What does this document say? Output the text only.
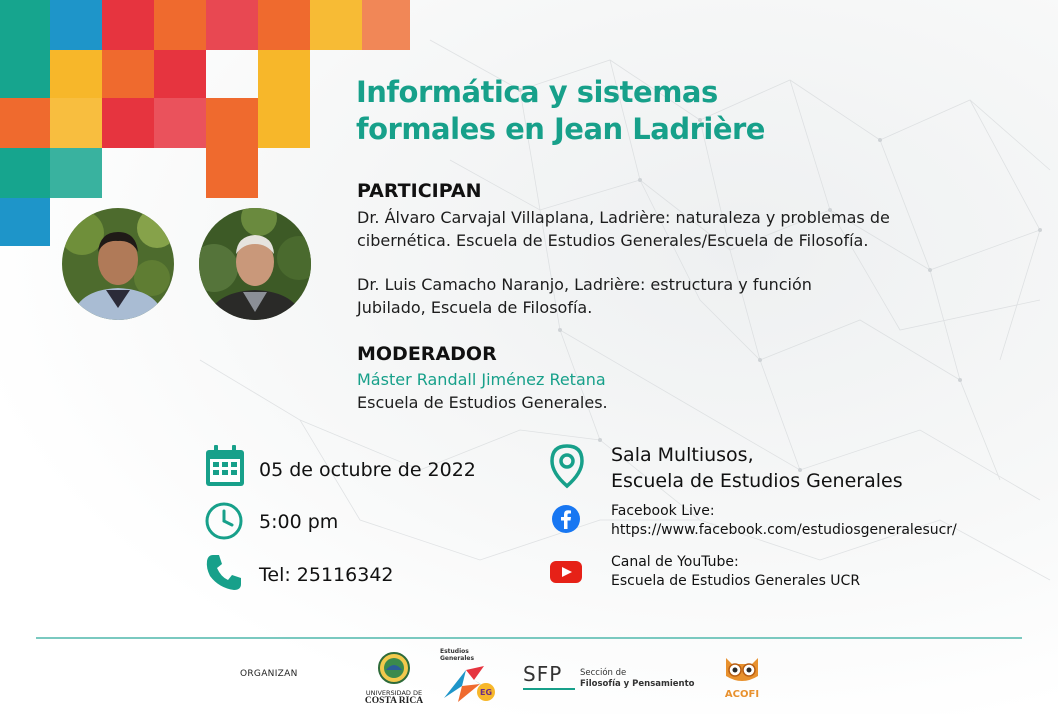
Informática y sistemas
formales en Jean Ladrière
PARTICIPAN

Dr. Álvaro Carvajal Villaplana, Ladrière: naturaleza y problemas de
cibernética. Escuela de Estudios Generales/Escuela de Filosofía.

Dr. Luis Camacho Naranjo, Ladrière: estructura y función
Jubilado, Escuela de Filosofía.

MODERADOR

Máster Randall Jiménez Retana
Escuela de Estudios Generales.

05 de octubre de 2022
5:00 pm
Tel: 25116342
Sala Multiusos,
Escuela de Estudios Generales
Facebook Live:
https://www.facebook.com/estudiosgeneralesucr/
Canal de YouTube:
Escuela de Estudios Generales UCR
ORGANIZAN
UNIVERSIDAD DE
COSTA RICA
Estudios
Generales
EG
SFP Sección de
Filosofía y Pensamiento
ACOFI
